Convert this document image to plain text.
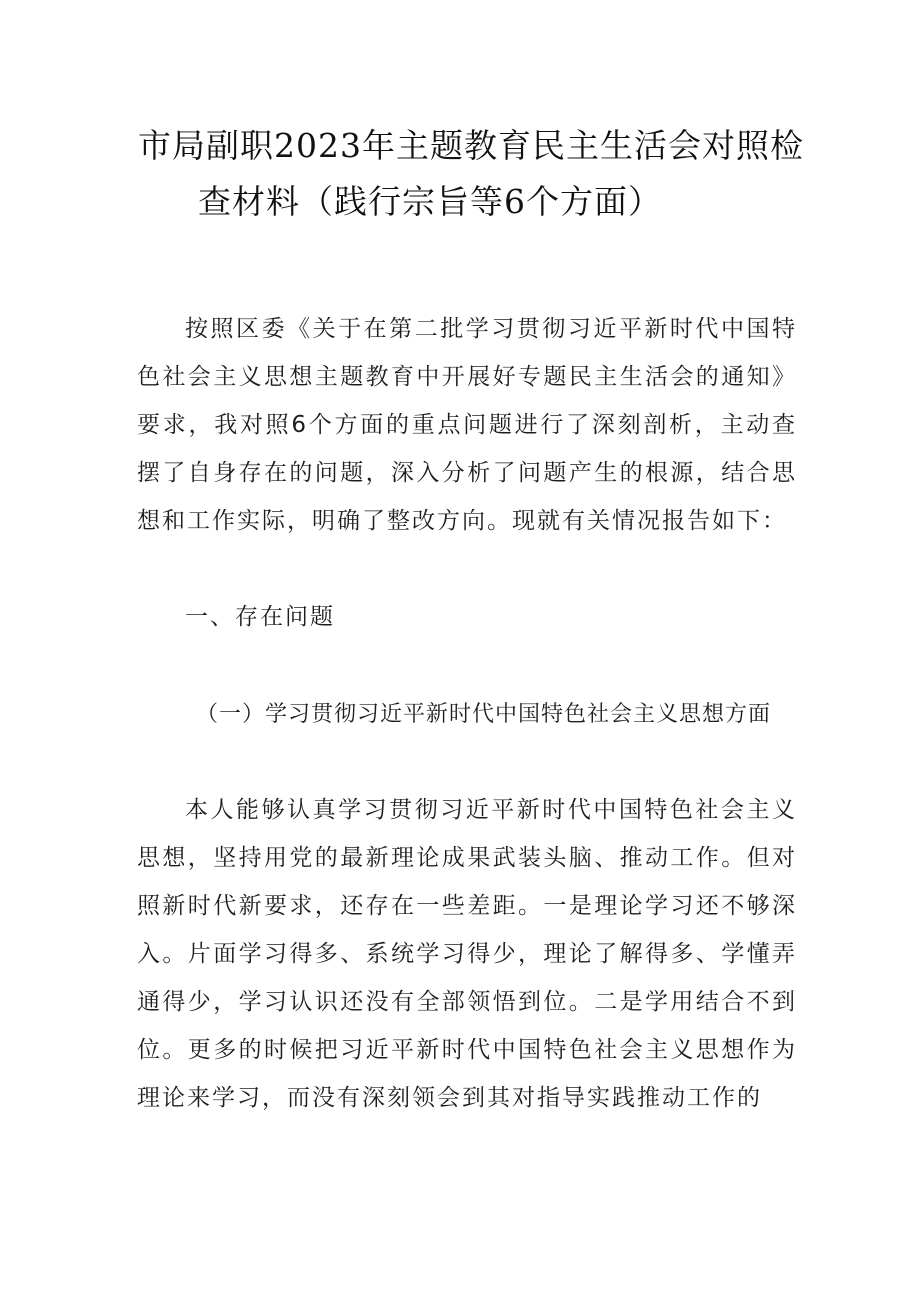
市局副职2023年主题教育民主生活会对照检
查材料（践行宗旨等6个方面）

按照区委《关于在第二批学习贯彻习近平新时代中国特色社会主义思想主题教育中开展好专题民主生活会的通知》要求，我对照6个方面的重点问题进行了深刻剖析，主动查摆了自身存在的问题，深入分析了问题产生的根源，结合思想和工作实际，明确了整改方向。现就有关情况报告如下：

一、存在问题
（一）学习贯彻习近平新时代中国特色社会主义思想方面

本人能够认真学习贯彻习近平新时代中国特色社会主义思想，坚持用党的最新理论成果武装头脑、推动工作。但对照新时代新要求，还存在一些差距。一是理论学习还不够深入。片面学习得多、系统学习得少，理论了解得多、学懂弄通得少，学习认识还没有全部领悟到位。二是学用结合不到位。更多的时候把习近平新时代中国特色社会主义思想作为理论来学习，而没有深刻领会到其对指导实践推动工作的
